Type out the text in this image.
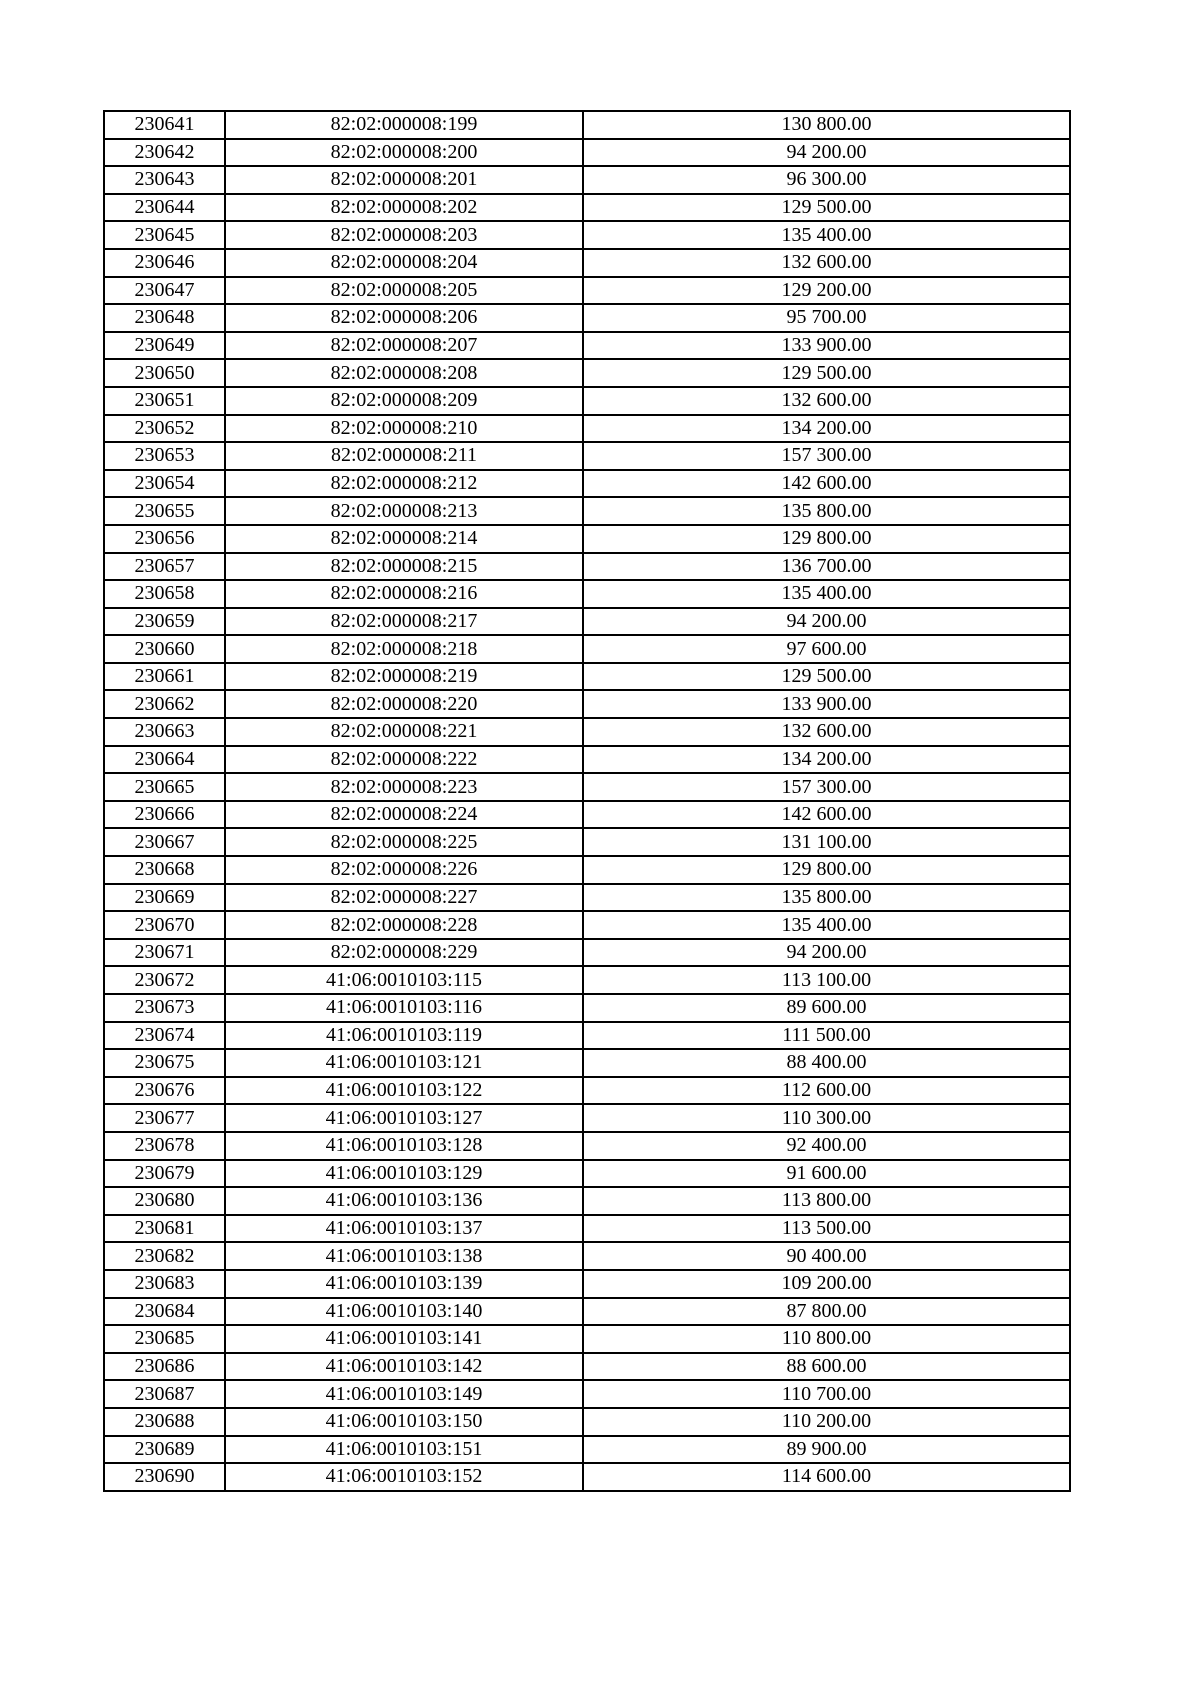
230641	82:02:000008:199	130 800.00
230642	82:02:000008:200	94 200.00
230643	82:02:000008:201	96 300.00
230644	82:02:000008:202	129 500.00
230645	82:02:000008:203	135 400.00
230646	82:02:000008:204	132 600.00
230647	82:02:000008:205	129 200.00
230648	82:02:000008:206	95 700.00
230649	82:02:000008:207	133 900.00
230650	82:02:000008:208	129 500.00
230651	82:02:000008:209	132 600.00
230652	82:02:000008:210	134 200.00
230653	82:02:000008:211	157 300.00
230654	82:02:000008:212	142 600.00
230655	82:02:000008:213	135 800.00
230656	82:02:000008:214	129 800.00
230657	82:02:000008:215	136 700.00
230658	82:02:000008:216	135 400.00
230659	82:02:000008:217	94 200.00
230660	82:02:000008:218	97 600.00
230661	82:02:000008:219	129 500.00
230662	82:02:000008:220	133 900.00
230663	82:02:000008:221	132 600.00
230664	82:02:000008:222	134 200.00
230665	82:02:000008:223	157 300.00
230666	82:02:000008:224	142 600.00
230667	82:02:000008:225	131 100.00
230668	82:02:000008:226	129 800.00
230669	82:02:000008:227	135 800.00
230670	82:02:000008:228	135 400.00
230671	82:02:000008:229	94 200.00
230672	41:06:0010103:115	113 100.00
230673	41:06:0010103:116	89 600.00
230674	41:06:0010103:119	111 500.00
230675	41:06:0010103:121	88 400.00
230676	41:06:0010103:122	112 600.00
230677	41:06:0010103:127	110 300.00
230678	41:06:0010103:128	92 400.00
230679	41:06:0010103:129	91 600.00
230680	41:06:0010103:136	113 800.00
230681	41:06:0010103:137	113 500.00
230682	41:06:0010103:138	90 400.00
230683	41:06:0010103:139	109 200.00
230684	41:06:0010103:140	87 800.00
230685	41:06:0010103:141	110 800.00
230686	41:06:0010103:142	88 600.00
230687	41:06:0010103:149	110 700.00
230688	41:06:0010103:150	110 200.00
230689	41:06:0010103:151	89 900.00
230690	41:06:0010103:152	114 600.00
